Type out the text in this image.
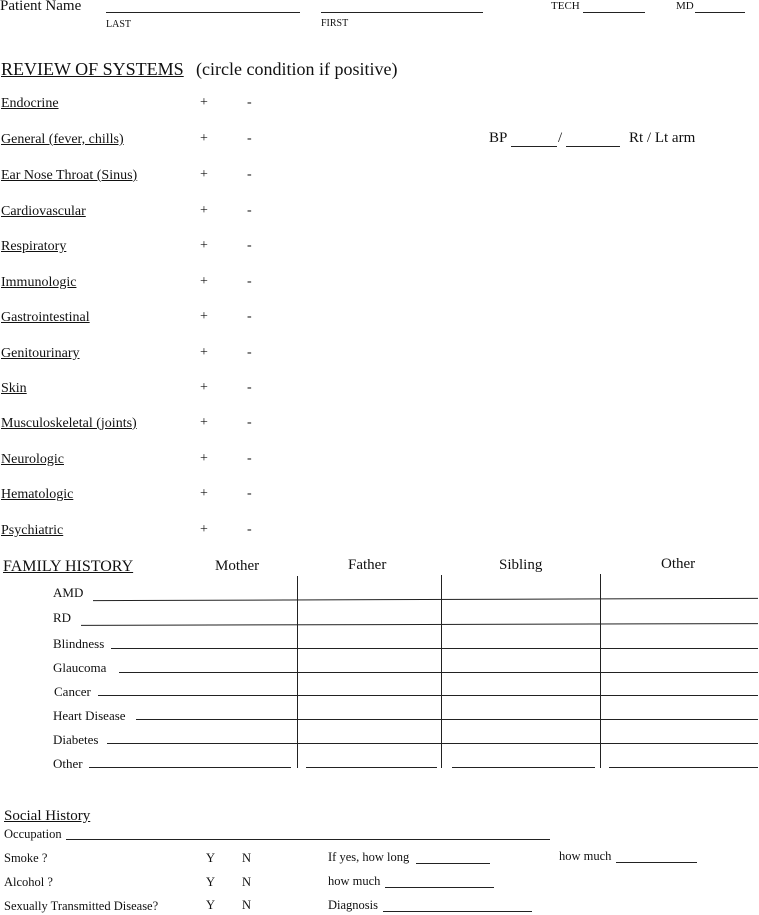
Patient Name
LAST	FIRST
TECH	MD
REVIEW OF SYSTEMS (circle condition if positive)
Endocrine	+	-
General (fever, chills)	+	-
Ear Nose Throat (Sinus)	+	-
Cardiovascular	+	-
Respiratory	+	-
Immunologic	+	-
Gastrointestinal	+	-
Genitourinary	+	-
Skin	+	-
Musculoskeletal (joints)	+	-
Neurologic	+	-
Hematologic	+	-
Psychiatric	+	-
BP	/	Rt / Lt arm
FAMILY HISTORY	Mother	Father	Sibling	Other
AMD
RD
Blindness
Glaucoma
Cancer
Heart Disease
Diabetes
Other
Social History
Occupation
Smoke ?	Y N	If yes, how long	how much
Alcohol ?	Y N	how much
Sexually Transmitted Disease?	Y N	Diagnosis
